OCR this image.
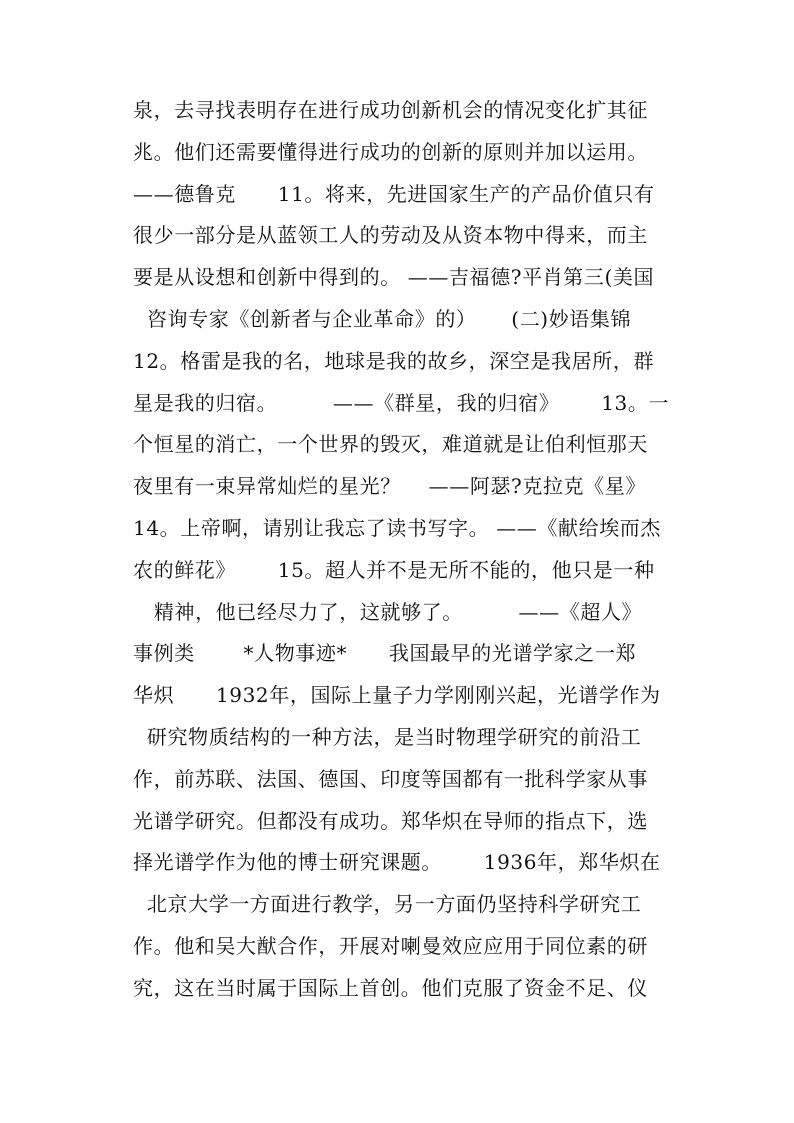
泉，去寻找表明存在进行成功创新机会的情况变化扩其征
兆。他们还需要懂得进行成功的创新的原则并加以运用。
——德鲁克      11。将来，先进国家生产的产品价值只有
很少一部分是从蓝领工人的劳动及从资本物中得来，而主
要是从设想和创新中得到的。 ——吉福德?平肖第三(美国
咨询专家《创新者与企业革命》的）     (二)妙语集锦
12。格雷是我的名，地球是我的故乡，深空是我居所，群
星是我的归宿。        ——《群星，我的归宿》      13。一
个恒星的消亡，一个世界的毁灭，难道就是让伯利恒那天
夜里有一束异常灿烂的星光？    ——阿瑟?克拉克《星》
14。上帝啊，请别让我忘了读书写字。 ——《献给埃而杰
农的鲜花》      15。超人并不是无所不能的，他只是一种
精神，他已经尽力了，这就够了。        ——《超人》
事例类       *人物事迹*      我国最早的光谱学家之一郑
华炽      1932年，国际上量子力学刚刚兴起，光谱学作为
研究物质结构的一种方法，是当时物理学研究的前沿工
作，前苏联、法国、德国、印度等国都有一批科学家从事
光谱学研究。但都没有成功。郑华炽在导师的指点下，选
择光谱学作为他的博士研究课题。      1936年，郑华炽在
北京大学一方面进行教学，另一方面仍坚持科学研究工
作。他和吴大猷合作，开展对喇曼效应应用于同位素的研
究，这在当时属于国际上首创。他们克服了资金不足、仪
